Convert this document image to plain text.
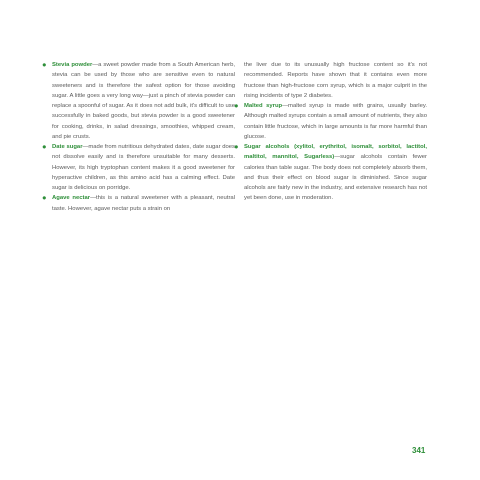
● Stevia powder—a sweet powder made from a South American herb, stevia can be used by those who are sensitive even to natural sweeteners and is therefore the safest option for those avoiding sugar. A little goes a very long way—just a pinch of stevia powder can replace a spoonful of sugar. As it does not add bulk, it's difficult to use successfully in baked goods, but stevia powder is a good sweetener for cooking, drinks, in salad dressings, smoothies, whipped cream, and pie crusts.
● Date sugar—made from nutritious dehydrated dates, date sugar does not dissolve easily and is therefore unsuitable for many desserts. However, its high tryptophan content makes it a good sweetener for hyperactive children, as this amino acid has a calming effect. Date sugar is delicious on porridge.
● Agave nectar—this is a natural sweetener with a pleasant, neutral taste. However, agave nectar puts a strain on
the liver due to its unusually high fructose content so it's not recommended. Reports have shown that it contains even more fructose than high-fructose corn syrup, which is a major culprit in the rising incidents of type 2 diabetes.
● Malted syrup—malted syrup is made with grains, usually barley. Although malted syrups contain a small amount of nutrients, they also contain little fructose, which in large amounts is far more harmful than glucose.
● Sugar alcohols (xylitol, erythritol, isomalt, sorbitol, lactitol, maltitol, mannitol, Sugarless)—sugar alcohols contain fewer calories than table sugar. The body does not completely absorb them, and thus their effect on blood sugar is diminished. Since sugar alcohols are fairly new in the industry, and extensive research has not yet been done, use in moderation.
341
